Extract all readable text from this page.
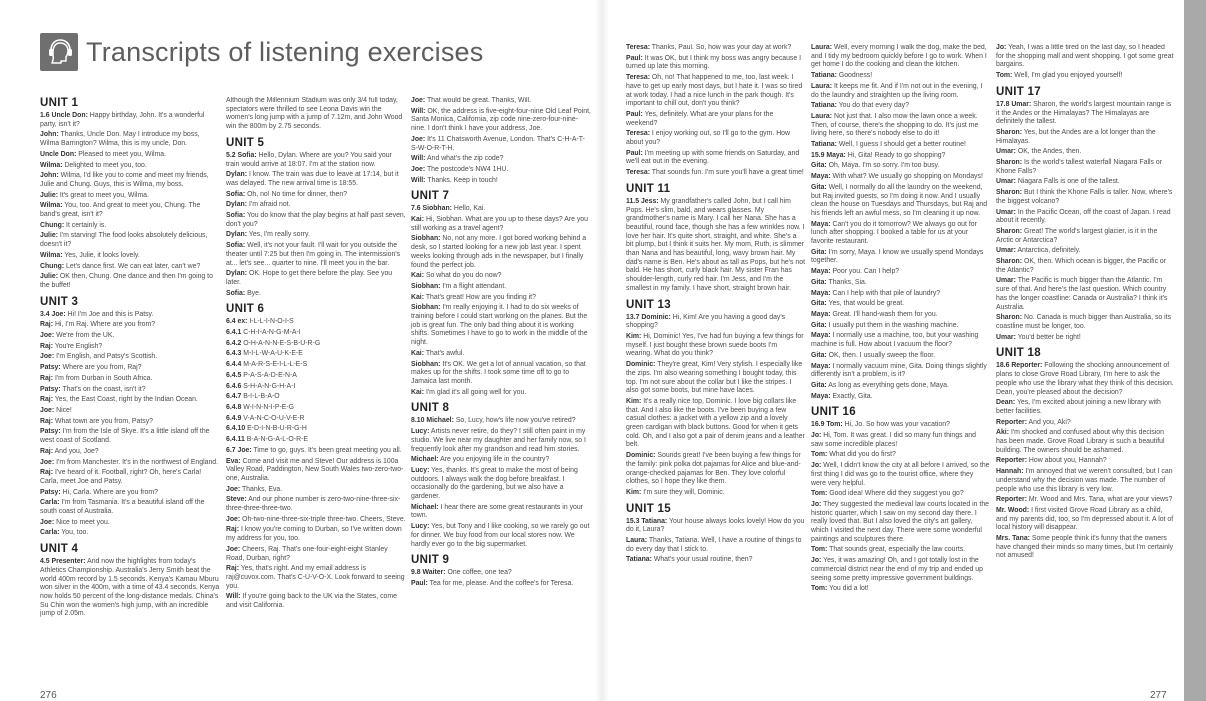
Transcripts of listening exercises
UNIT 1

1.6 Uncle Don: Happy birthday, John. It's a wonderful party, isn't it?

John: Thanks, Uncle Don. May I introduce my boss, Wilma Barrington? Wilma, this is my uncle, Don.

Uncle Don: Pleased to meet you, Wilma.

Wilma: Delighted to meet you, too.

John: Wilma, I'd like you to come and meet my friends, Julie and Chung. Guys, this is Wilma, my boss.

Julie: It's great to meet you, Wilma.

Wilma: You, too. And great to meet you, Chung. The band's great, isn't it?

Chung: It certainly is.

Julie: I'm starving! The food looks absolutely delicious, doesn't it?

Wilma: Yes, Julie, it looks lovely.

Chung: Let's dance first. We can eat later, can't we?

Julie: OK then, Chung. One dance and then I'm going to the buffet!

UNIT 3

3.4 Joe: Hi! I'm Joe and this is Patsy.

Raj: Hi, I'm Raj. Where are you from?

Joe: We're from the UK.

Raj: You're English?

Joe: I'm English, and Patsy's Scottish.

Patsy: Where are you from, Raj?

Raj: I'm from Durban in South Africa.

Patsy: That's on the coast, isn't it?

Raj: Yes, the East Coast, right by the Indian Ocean.

Joe: Nice!

Raj: What town are you from, Patsy?

Patsy: I'm from the Isle of Skye. It's a little island off the west coast of Scotland.

Raj: And you, Joe?

Joe: I'm from Manchester. It's in the northwest of England.

Raj: I've heard of it. Football, right? Oh, here's Carla! Carla, meet Joe and Patsy.

Patsy: Hi, Carla. Where are you from?

Carla: I'm from Tasmania. It's a beautiful island off the south coast of Australia.

Joe: Nice to meet you.

Carla: You, too.

UNIT 4

4.5 Presenter: And now the highlights from today's Athletics Championship. Australia's Jerry Smith beat the world 400m record by 1.5 seconds. Kenya's Kamau Mburu won silver in the 400m, with a time of 43.4 seconds. Kenya now holds 50 percent of the long-distance medals. China's Su Chin won the women's high jump, with an incredible jump of 2.05m.

Although the Millennium Stadium was only 3/4 full today, spectators were thrilled to see Leona Davis win the women's long jump with a jump of 7.12m, and John Wood win the 800m by 2.75 seconds.

UNIT 5

5.2 Sofia: Hello, Dylan. Where are you? You said your train would arrive at 18:07. I'm at the station now.

Dylan: I know. The train was due to leave at 17:14, but it was delayed. The new arrival time is 18:55.

Sofia: Oh, no! No time for dinner, then?

Dylan: I'm afraid not.

Sofia: You do know that the play begins at half past seven, don't you?

Dylan: Yes, I'm really sorry.

Sofia: Well, it's not your fault. I'll wait for you outside the theater until 7:25 but then I'm going in. The intermission's at... let's see... quarter to nine. I'll meet you in the bar.

Dylan: OK. Hope to get there before the play. See you later.

Sofia: Bye.

UNIT 6

6.4 ex: I-L-L-I-N-O-I-S

6.4.1 C-H-I-A-N-G-M-A-I

6.4.2 O-H-A-N-N-E-S-B-U-R-G

6.4.3 M-I-L-W-A-U-K-E-E

6.4.4 M-A-R-S-E-I-L-L-E-S

6.4.5 P-A-S-A-D-E-N-A

6.4.6 S-H-A-N-G-H-A-I

6.4.7 B-I-L-B-A-O

6.4.8 W-I-N-N-I-P-E-G

6.4.9 V-A-N-C-O-U-V-E-R

6.4.10 E-D-I-N-B-U-R-G-H

6.4.11 B-A-N-G-A-L-O-R-E

6.7 Joe: Time to go, guys. It's been great meeting you all.

Eva: Come and visit me and Steve! Our address is 100a Valley Road, Paddington, New South Wales two-zero-two-one, Australia.

Joe: Thanks, Eva.

Steve: And our phone number is zero-two-nine-three-six-three-three-three-two.

Joe: Oh-two-nine-three-six-triple three-two. Cheers, Steve.

Raj: I know you're coming to Durban, so I've written down my address for you, too.

Joe: Cheers, Raj. That's one-four-eight-eight Stanley Road, Durban, right?

Raj: Yes, that's right. And my email address is raj@cuvox.com. That's C-U-V-O-X. Look forward to seeing you.

Will: If you're going back to the UK via the States, come and visit California.

Joe: That would be great. Thanks, Will.

Will: OK, the address is five-eight-four-nine Old Leaf Point, Santa Monica, California, zip code nine-zero-four-nine-nine. I don't think I have your address, Joe.

Joe: It's 11 Chatsworth Avenue, London. That's C-H-A-T-S-W-O-R-T-H.

Will: And what's the zip code?

Joe: The postcode's NW4 1HU.

Will: Thanks. Keep in touch!

UNIT 7

7.6 Siobhan: Hello, Kai.

Kai: Hi, Siobhan. What are you up to these days? Are you still working as a travel agent?

Siobhan: No, not any more. I got bored working behind a desk, so I started looking for a new job last year. I spent weeks looking through ads in the newspaper, but I finally found the perfect job.

Kai: So what do you do now?

Siobhan: I'm a flight attendant.

Kai: That's great! How are you finding it?

Siobhan: I'm really enjoying it. I had to do six weeks of training before I could start working on the planes. But the job is great fun. The only bad thing about it is working shifts. Sometimes I have to go to work in the middle of the night.

Kai: That's awful.

Siobhan: It's OK. We get a lot of annual vacation, so that makes up for the shifts. I took some time off to go to Jamaica last month.

Kai: I'm glad it's all going well for you.

UNIT 8

8.10 Michael: So, Lucy, how's life now you've retired?

Lucy: Artists never retire, do they? I still often paint in my studio. We live near my daughter and her family now, so I frequently look after my grandson and read him stories.

Michael: Are you enjoying life in the country?

Lucy: Yes, thanks. It's great to make the most of being outdoors. I always walk the dog before breakfast. I occasionally do the gardening, but we also have a gardener.

Michael: I hear there are some great restaurants in your town.

Lucy: Yes, but Tony and I like cooking, so we rarely go out for dinner. We buy food from our local stores now. We hardly ever go to the big supermarket.

UNIT 9

9.8 Waiter: One coffee, one tea?

Paul: Tea for me, please. And the coffee's for Teresa.

Teresa: Thanks, Paul. So, how was your day at work?

Paul: It was OK, but I think my boss was angry because I turned up late this morning.

Teresa: Oh, no! That happened to me, too, last week. I have to get up early most days, but I hate it. I was so tired at work today. I had a nice lunch in the park though. It's important to chill out, don't you think?

Paul: Yes, definitely. What are your plans for the weekend?

Teresa: I enjoy working out, so I'll go to the gym. How about you?

Paul: I'm meeting up with some friends on Saturday, and we'll eat out in the evening.

Teresa: That sounds fun. I'm sure you'll have a great time!

UNIT 11

11.5 Jess: My grandfather's called John, but I call him Pops. He's slim, bald, and wears glasses. My grandmother's name is Mary. I call her Nana. She has a beautiful, round face, though she has a few wrinkles now. I love her hair. It's quite short, straight, and white. She's a bit plump, but I think it suits her. My mom, Ruth, is slimmer than Nana and has beautiful, long, wavy brown hair. My dad's name is Ben. He's about as tall as Pops, but he's not bald. He has short, curly black hair. My sister Fran has shoulder-length, curly red hair. I'm Jess, and I'm the smallest in my family. I have short, straight brown hair.

UNIT 13

13.7 Dominic: Hi, Kim! Are you having a good day's shopping?

Kim: Hi, Dominic! Yes, I've had fun buying a few things for myself. I just bought these brown suede boots I'm wearing. What do you think?

Dominic: They're great, Kim! Very stylish. I especially like the zips. I'm also wearing something I bought today, this top. I'm not sure about the collar but I like the stripes. I also got some boots, but mine have laces.

Kim: It's a really nice top, Dominic. I love big collars like that. And I also like the boots. I've been buying a few casual clothes: a jacket with a yellow zip and a lovely green cardigan with black buttons. Good for when it gets cold. Oh, and I also got a pair of denim jeans and a leather belt.

Dominic: Sounds great! I've been buying a few things for the family: pink polka dot pajamas for Alice and blue-and-orange-checked pajamas for Ben. They love colorful clothes, so I hope they like them.

Kim: I'm sure they will, Dominic.

UNIT 15

15.3 Tatiana: Your house always looks lovely! How do you do it, Laura?

Laura: Thanks, Tatiana. Well, I have a routine of things to do every day that I stick to.

Tatiana: What's your usual routine, then?

Laura: Well, every morning I walk the dog, make the bed, and I tidy my bedroom quickly before I go to work. When I get home I do the cooking and clean the kitchen.

Tatiana: Goodness!

Laura: It keeps me fit. And if I'm not out in the evening, I do the laundry and straighten up the living room.

Tatiana: You do that every day?

Laura: Not just that. I also mow the lawn once a week. Then, of course, there's the shopping to do. It's just me living here, so there's nobody else to do it!

Tatiana: Well, I guess I should get a better routine!

15.9 Maya: Hi, Gita! Ready to go shopping?

Gita: Oh, Maya. I'm so sorry. I'm too busy.

Maya: With what? We usually go shopping on Mondays!

Gita: Well, I normally do all the laundry on the weekend, but Raj invited guests, so I'm doing it now. And I usually clean the house on Tuesdays and Thursdays, but Raj and his friends left an awful mess, so I'm cleaning it up now.

Maya: Can't you do it tomorrow? We always go out for lunch after shopping. I booked a table for us at your favorite restaurant.

Gita: I'm sorry, Maya. I know we usually spend Mondays together.

Maya: Poor you. Can I help?

Gita: Thanks, Sia.

Maya: Can I help with that pile of laundry?

Gita: Yes, that would be great.

Maya: Great. I'll hand-wash them for you.

Gita: I usually put them in the washing machine.

Maya: I normally use a machine, too, but your washing machine is full. How about I vacuum the floor?

Gita: OK, then. I usually sweep the floor.

Maya: I normally vacuum mine, Gita. Doing things slightly differently isn't a problem, is it?

Gita: As long as everything gets done, Maya.

Maya: Exactly, Gita.

UNIT 16

16.9 Tom: Hi, Jo. So how was your vacation?

Jo: Hi, Tom. It was great. I did so many fun things and saw some incredible places!

Tom: What did you do first?

Jo: Well, I didn't know the city at all before I arrived, so the first thing I did was go to the tourist office, where they were very helpful.

Tom: Good idea! Where did they suggest you go?

Jo: They suggested the medieval law courts located in the historic quarter, which I saw on my second day there. I really loved that. But I also loved the city's art gallery, which I visited the next day. There were some wonderful paintings and sculptures there.

Tom: That sounds great, especially the law courts.

Jo: Yes, it was amazing! Oh, and I got totally lost in the commercial district near the end of my trip and ended up seeing some pretty impressive government buildings.

Tom: You did a lot!

Jo: Yeah, I was a little tired on the last day, so I headed for the shopping mall and went shopping. I got some great bargains.

Tom: Well, I'm glad you enjoyed yourself!

UNIT 17

17.8 Umar: Sharon, the world's largest mountain range is it the Andes or the Himalayas? The Himalayas are definitely the tallest.

Sharon: Yes, but the Andes are a lot longer than the Himalayas.

Umar: OK, the Andes, then.

Sharon: Is the world's tallest waterfall Niagara Falls or Khone Falls?

Umar: Niagara Falls is one of the tallest.

Sharon: But I think the Khone Falls is taller. Now, where's the biggest volcano?

Umar: In the Pacific Ocean, off the coast of Japan. I read about it recently.

Sharon: Great! The world's largest glacier, is it in the Arctic or Antarctica?

Umar: Antarctica, definitely.

Sharon: OK, then. Which ocean is bigger, the Pacific or the Atlantic?

Umar: The Pacific is much bigger than the Atlantic. I'm sure of that. And here's the last question. Which country has the longer coastline: Canada or Australia? I think it's Australia.

Sharon: No. Canada is much bigger than Australia, so its coastline must be longer, too.

Umar: You'd better be right!

UNIT 18

18.6 Reporter: Following the shocking announcement of plans to close Grove Road Library, I'm here to ask the people who use the library what they think of this decision. Dean, you're pleased about the decision?

Dean: Yes, I'm excited about joining a new library with better facilities.

Reporter: And you, Aki?

Aki: I'm shocked and confused about why this decision has been made. Grove Road Library is such a beautiful building. The owners should be ashamed.

Reporter: How about you, Hannah?

Hannah: I'm annoyed that we weren't consulted, but I can understand why the decision was made. The number of people who use this library is very low.

Reporter: Mr. Wood and Mrs. Tana, what are your views?

Mr. Wood: I first visited Grove Road Library as a child, and my parents did, too, so I'm depressed about it. A lot of local history will disappear.

Mrs. Tana: Some people think it's funny that the owners have changed their minds so many times, but I'm certainly not amused!

276	277
